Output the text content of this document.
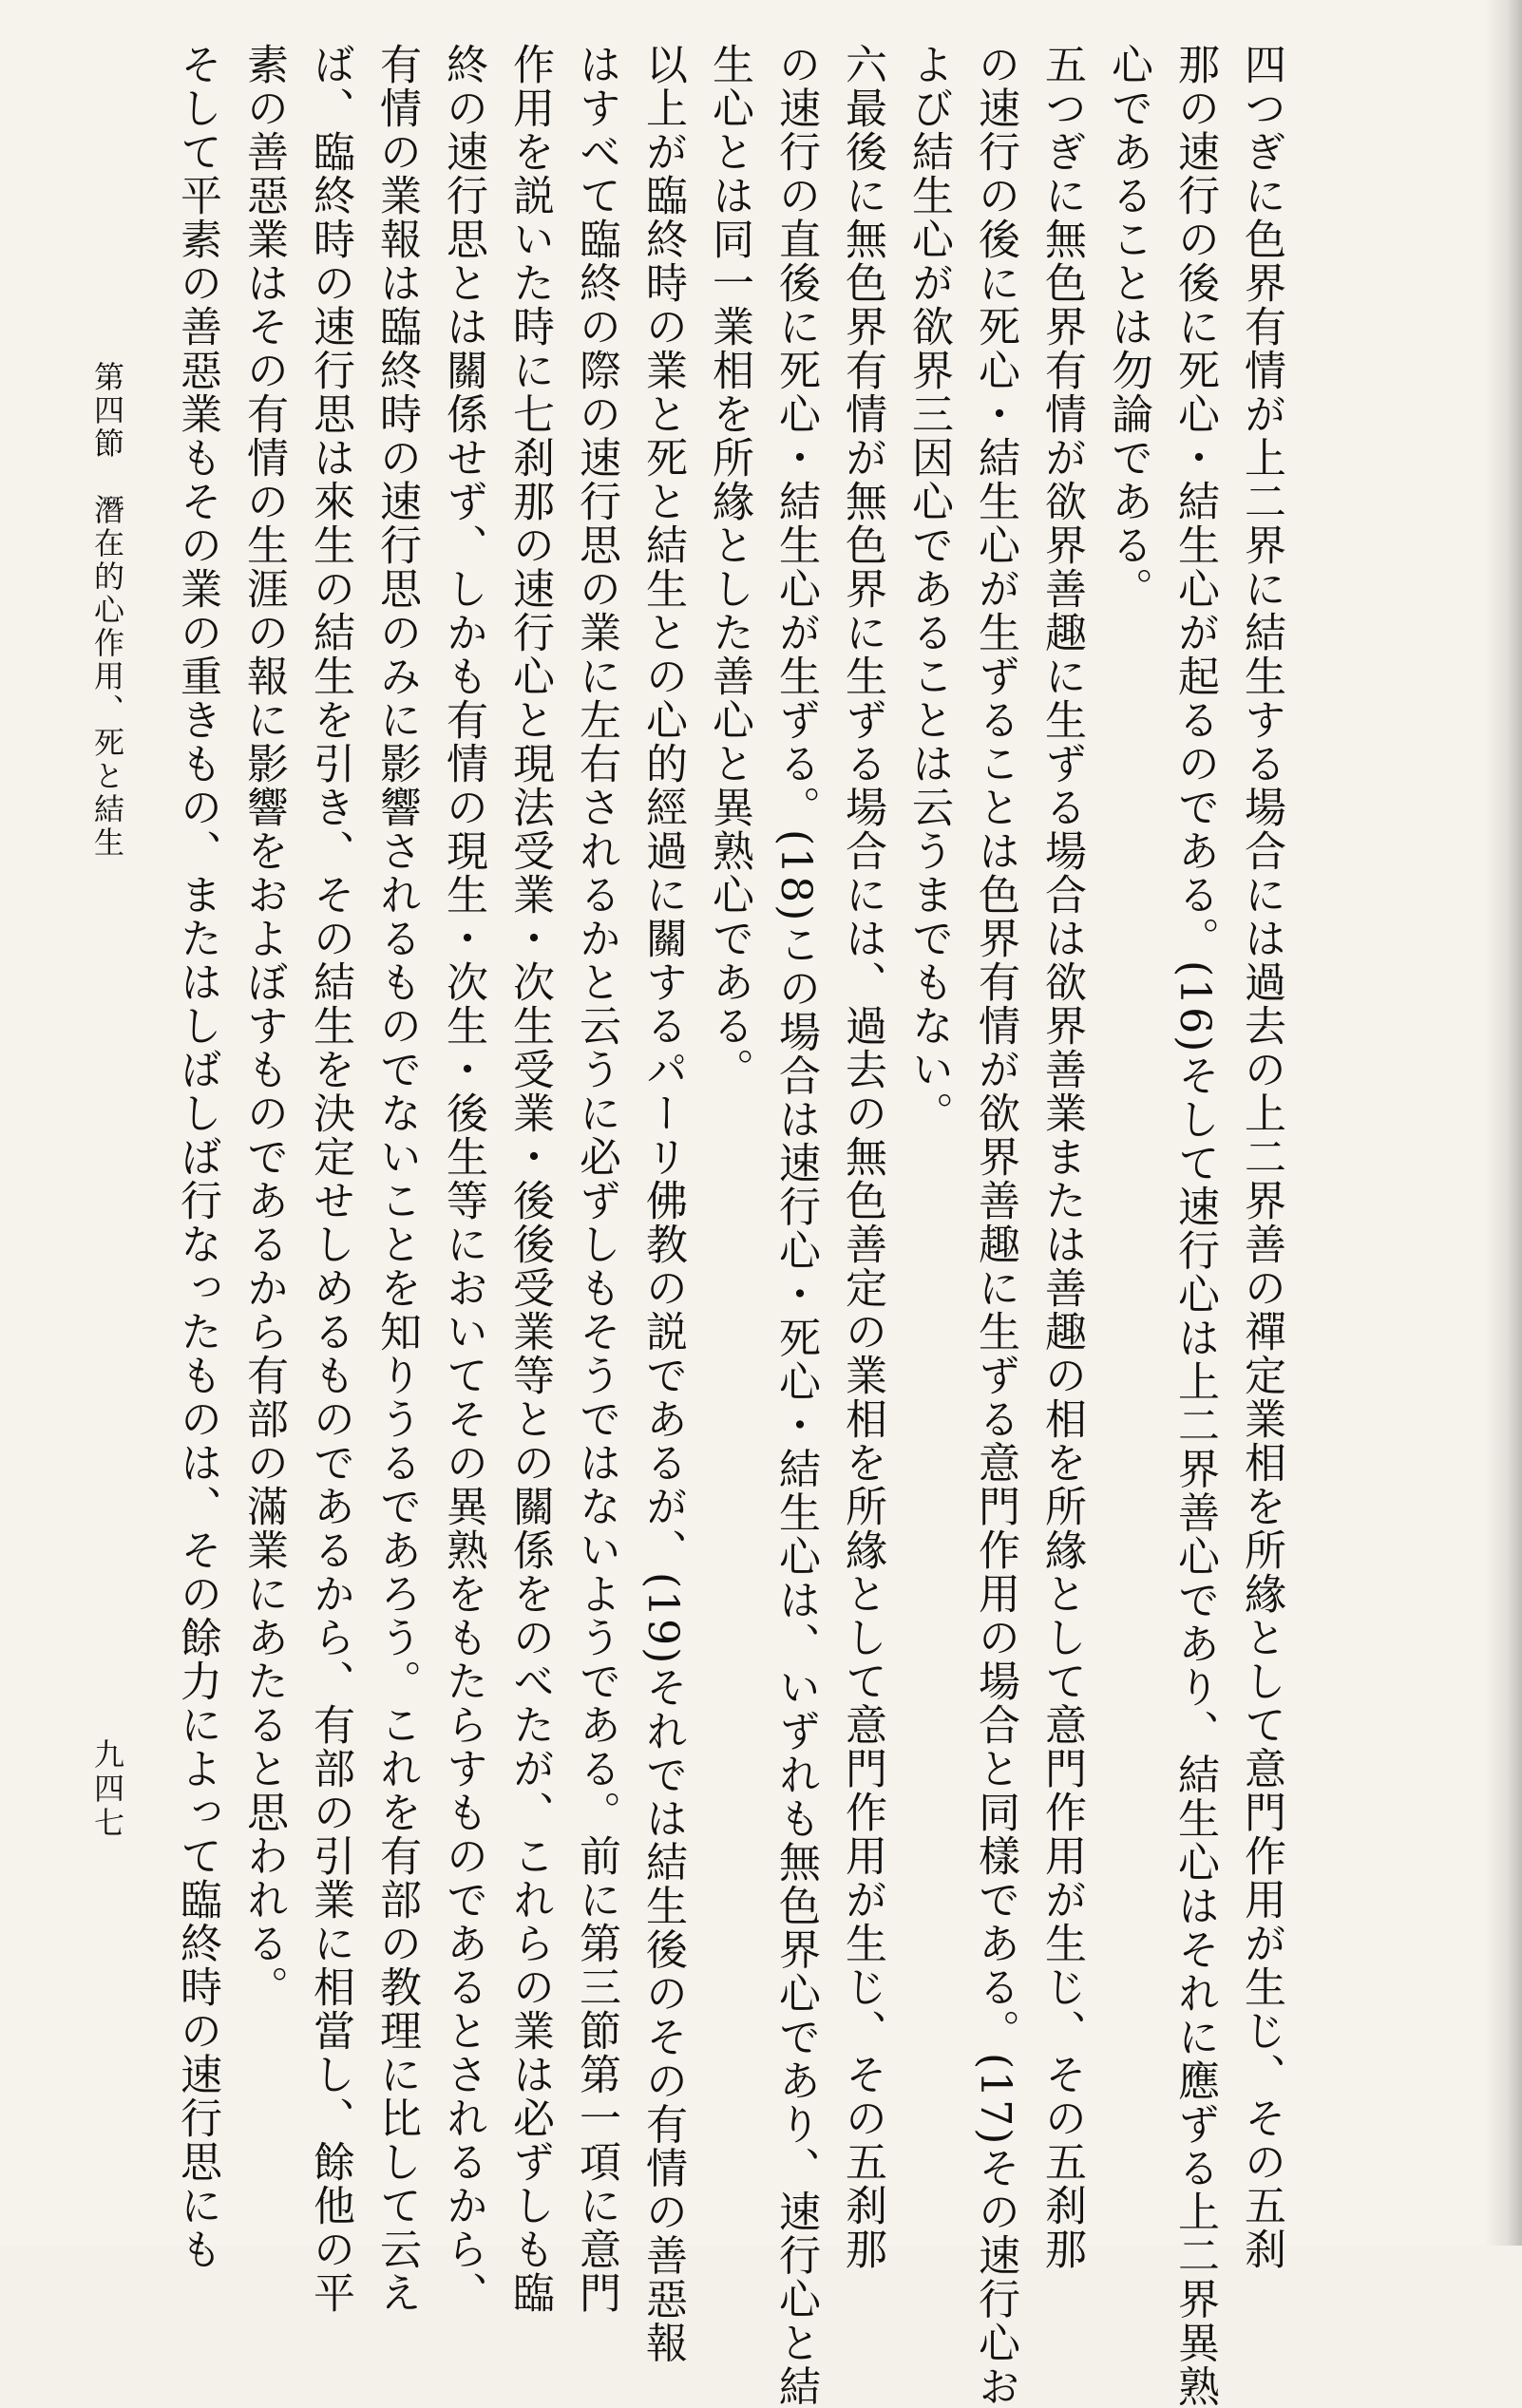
四つぎに色界有情が上二界に結生する場合には過去の上二界善の禪定業相を所緣として意門作用が生じ、その五刹
那の速行の後に死心・結生心が起るのである。(16)そして速行心は上二界善心であり、結生心はそれに應ずる上二界異熟
心であることは勿論である。
五つぎに無色界有情が欲界善趣に生ずる場合は欲界善業または善趣の相を所緣として意門作用が生じ、その五刹那
の速行の後に死心・結生心が生ずることは色界有情が欲界善趣に生ずる意門作用の場合と同樣である。(17)その速行心お
よび結生心が欲界三因心であることは云うまでもない。
六最後に無色界有情が無色界に生ずる場合には、過去の無色善定の業相を所緣として意門作用が生じ、その五刹那
の速行の直後に死心・結生心が生ずる。(18)この場合は速行心・死心・結生心は、いずれも無色界心であり、速行心と結
生心とは同一業相を所緣とした善心と異熟心である。
以上が臨終時の業と死と結生との心的經過に關するパーリ佛教の説であるが、(19)それでは結生後のその有情の善惡報
はすべて臨終の際の速行思の業に左右されるかと云うに必ずしもそうではないようである。前に第三節第一項に意門
作用を説いた時に七刹那の速行心と現法受業・次生受業・後後受業等との關係をのべたが、これらの業は必ずしも臨
終の速行思とは關係せず、しかも有情の現生・次生・後生等においてその異熟をもたらすものであるとされるから、
有情の業報は臨終時の速行思のみに影響されるものでないことを知りうるであろう。これを有部の教理に比して云え
ば、臨終時の速行思は來生の結生を引き、その結生を決定せしめるものであるから、有部の引業に相當し、餘他の平
素の善惡業はその有情の生涯の報に影響をおよぼすものであるから有部の滿業にあたると思われる。
そして平素の善惡業もその業の重きもの、またはしばしば行なったものは、その餘力によって臨終時の速行思にも
第四節　潛在的心作用、死と結生
九四七
